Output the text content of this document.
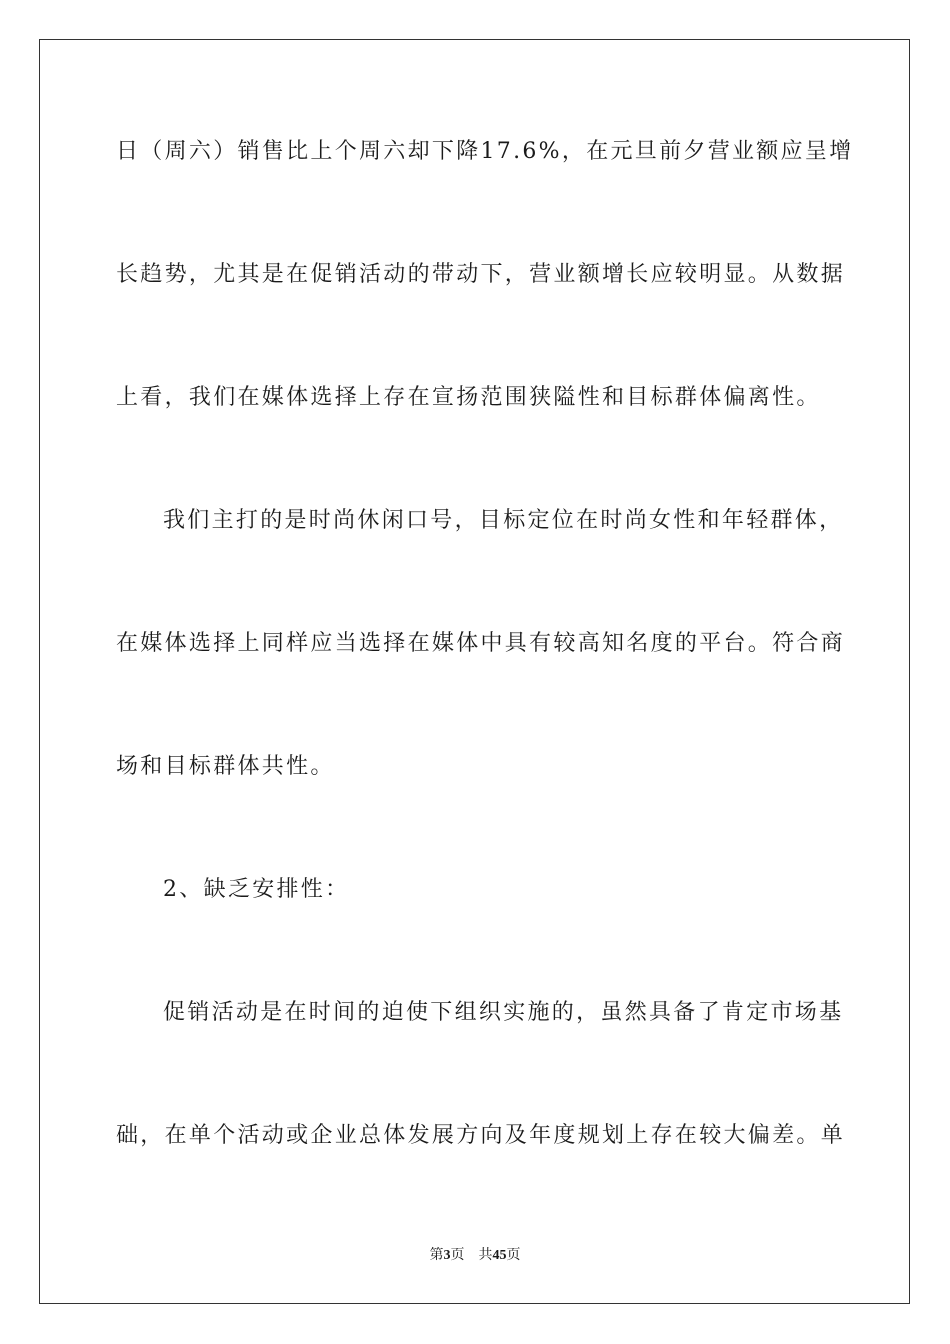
日（周六）销售比上个周六却下降17.6%，在元旦前夕营业额应呈增
长趋势，尤其是在促销活动的带动下，营业额增长应较明显。从数据
上看，我们在媒体选择上存在宣扬范围狭隘性和目标群体偏离性。
我们主打的是时尚休闲口号，目标定位在时尚女性和年轻群体，
在媒体选择上同样应当选择在媒体中具有较高知名度的平台。符合商
场和目标群体共性。
2、缺乏安排性：
促销活动是在时间的迫使下组织实施的，虽然具备了肯定市场基
础，在单个活动或企业总体发展方向及年度规划上存在较大偏差。单
第3页 共45页
